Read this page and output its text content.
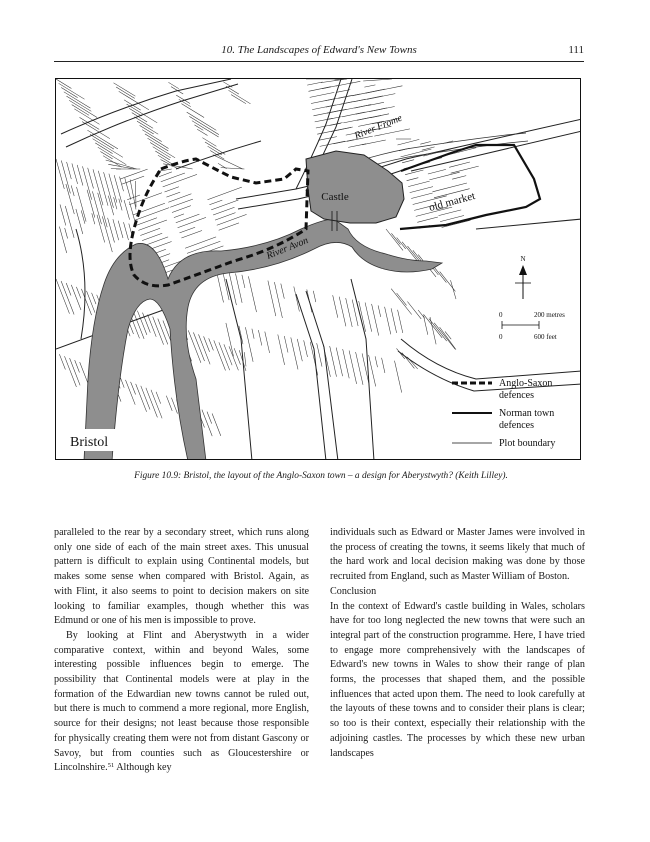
10. The Landscapes of Edward's New Towns	111
Castle	old market
River Frome
River Avon	N
0	200 metres
0	600 feet
Anglo-Saxon
defences
Norman town
defences
Plot boundary
Bristol
Figure 10.9: Bristol, the layout of the Anglo-Saxon town – a design for Aberystwyth? (Keith Lilley).

paralleled to the rear by a secondary street, which runs along only one side of each of the main street axes. This unusual pattern is difficult to explain using Continental models, but makes some sense when compared with Bristol. Again, as with Flint, it also seems to point to decision makers on site looking to familiar examples, though whether this was Edmund or one of his men is impossible to prove.

By looking at Flint and Aberystwyth in a wider comparative context, within and beyond Wales, some interesting possible influences begin to emerge. The possibility that Continental models were at play in the formation of the Edwardian new towns cannot be ruled out, but there is much to commend a more regional, more English, source for their designs; not least because those responsible for physically creating them were not from distant Gascony or Savoy, but from counties such as Gloucestershire or Lincolnshire.$^{51}$ Although key

individuals such as Edward or Master James were involved in the process of creating the towns, it seems likely that much of the hard work and local decision making was done by those recruited from England, such as Master William of Boston.

Conclusion

In the context of Edward's castle building in Wales, scholars have for too long neglected the new towns that were such an integral part of the construction programme. Here, I have tried to engage more comprehensively with the landscapes of Edward's new towns in Wales to show their range of plan forms, the processes that shaped them, and the possible influences that acted upon them. The need to look carefully at the layouts of these towns and to consider their plans is clear; so too is their context, especially their relationship with the adjoining castles. The processes by which these new urban landscapes
